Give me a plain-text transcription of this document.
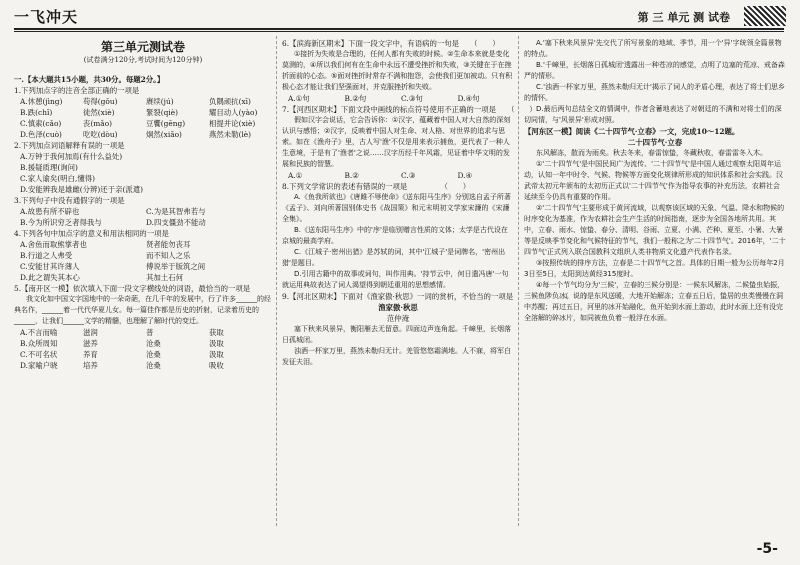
一飞冲天	第 三 单元 测 试卷
第三单元测试卷
(试卷满分120分,考试时间为120分钟)
一.【本大题共15小题，共30分。每题2分。】
1.下列加点字的注音全部正确的一项是
A.休憩(jìng)	苟得(gǒu)	赓续(jú)	负隅顽抗(xī)
B.跌(chǐ)	徒然(xiè)	緊裂(qiè)	耀目动人(yào)
C.慎索(cǎo)	丧(mǎo)	豆饗(gēng)	相提并论(xiè)
D.色泽(cuò)	吃吃(dòu)	炯然(xiǎo)	燕然未勒(lè)
2.下列加点词语解释有误的一项是
A.万钟于我何加焉(有什么益处)
B.援疑质理(询问)
C.家人谕矣(明白,懂得)
D.安能辨我是雄雌(分辨)还于亲(派遣)
3.下列句子中没有通假字的一项是
A.故患有所不辟也	C.为是其智弗若与
B.今为所识穷乏者得我与	D.四支僵劲不能动
4.下列各句中加点字的意义和用法相同的一项是
A.舍鱼而取熊掌者也	贤者能勿丧耳
B.行道之人弗受	而不知人之乐
C.安能甘其许薄人	傅说举于版筑之间
D.此之谓失其本心	其加土石何
5.【南开区一模】依次填入下面一段文字横线处的词语，最恰当的一项是
我文化如中国文字国地中的一朵奇葩，在几千年的发展中，行了许多______的经典名作，______着一代代华夏儿女。每一篇佳作都是历史的折射，记录着历史的______，让我们______文学的精髓，也理解了解时代的变迁。
A.不言而喻	滋润	普	获取
B.众所周知	滋养	沧桑	汲取
C.不可名状	养育	沧桑	汲取
D.家喻户晓	培养	沧桑	吸收
6.【滨海新区期末】下面一段文字中，有语病的一句是　　（　　）
①接折为失败是合理的，任何人都有失败的时候。②生命本来就是变化莫测的，④所以我们何有在生命中永远不遭受挫折和失败，③关键在于在挫折面前的心态。⑤面对挫折时常存不满和抱怨，会使我们更加被动。只有积极心态才能让我们坚强面对，并克服挫折和失败。
A.①句	B.②句	C.③句	D.④句
7.【河西区期末】下面文段中画线的标点符号使用不正确的一项是　　（　　）
假如汉字会说话，它会告诉你：①汉字，蕴藏着中国人对大自然的深刻认识与感悟；②汉字，反映着中国人对生命、对人格、对世界的追求与思索。如在《渔舟子》里，古人写'渔'不仅是用来表示捕鱼，更代表了一种人生意境，于是有了'渔者'之说……汉字历经千年风霜，见证着中华文明的发展和民族的智慧。
A.①	B.②	C.③	D.④
8.下列文学常识的表述有错误的一项是　　　　　（　　）
A.《鱼我所欲也》《唐雎不辱使命》《送东阳马生序》分别选自孟子所著《孟子》、刘向所著国别体史书《战国策》和元末明初文学家宋濂的《宋濂全集》。
B.《送东阳马生序》中的'序'是临别赠言性质的文体；太学是古代设在京城的最高学府。
C.《江城子·密州出猎》是苏轼的词，其中'江城子'是词牌名，'密州出猎'是题目。
D.引用古籍中的故事或词句，叫作用典。'持节云中，何日遣冯唐'一句就运用典故表达了词人渴望得到朝廷重用的思想感情。
9.【河北区期末】下面对《渔家傲·秋思》一词的赏析，不恰当的一项是　　　　　　　（　　）
渔家傲·秋思
范仲淹
塞下秋来风景异，衡阳雁去无留意。四面边声连角起。千嶂里，长烟落日孤城闭。
浊酒一杯家万里，燕然未勒归无计。羌管悠悠霜满地。人不寐，将军白发征夫泪。
A.'塞下秋来风景异'先交代了所写景象的地域、季节，用一个'异'字统领全篇景物的特点。
B.'千嶂里，长烟落日孤城闭'透露出一种苍凉的感觉，点明了边塞的荒凉、戒备森严的情形。
C.'浊酒一杯家万里，燕然未勒归无计'揭示了词人的矛盾心理，表达了将士们思乡的情怀。
D.最后两句总结全文的情调中，作者含蓄地表达了对朝廷的不满和对将士们的深切同情，与'风景异'形成对照。
【河东区一模】阅读《二十四节气·立春》一文，完成10～12题。
二十四节气·立春
东风解冻，散而为雨矣。秋去冬来，春雷惊蛰，冬藏秋收，春雷雷冬入木。
①'二十四节气'是中国民间广为流传、'二十四节气'是中国人通过观察太阳周年运动，认知一年中时令、气候、物候等方面变化规律所形成的知识体系和社会实践。汉武帝太初元年颁布的太初历正式以'二十四节气'作为指导农事的补充历法，农耕社会延续至今仍具有重要的作用。
②'二十四节气'主要形成于黄河流域，以观察该区域的天象、气温、降水和物候的时序变化为基准，作为农耕社会生产生活的时间指南，逐步为全国各地所共用。其中，立春、雨水、惊蛰、春分、清明、谷雨、立夏、小满、芒种、夏至、小暑、大暑等是反映季节变化和气候特征的节气，我们一般称之为'二十四节气'。2016年，'二十四节气'正式列入联合国教科文组织人类非物质文化遗产代表作名录。
③按照传统的排序方法，立春是二十四节气之首。具体的日期一般为公历每年2月3日至5日，太阳到达黄经315度时。
④每一个节气均分为'三候'，立春的三候分别是：一候东风解冻，二候蛰虫始振，三候鱼陟负冰。说的是东风送暖，大地开始解冻；立春五日后，蛰居的虫类慢慢在洞中苏醒；再过五日，河里的冰开始融化，鱼开始到水面上游动，此时水面上还有没完全溶解的碎冰片，如同被鱼负着一般浮在水面。
-5-
